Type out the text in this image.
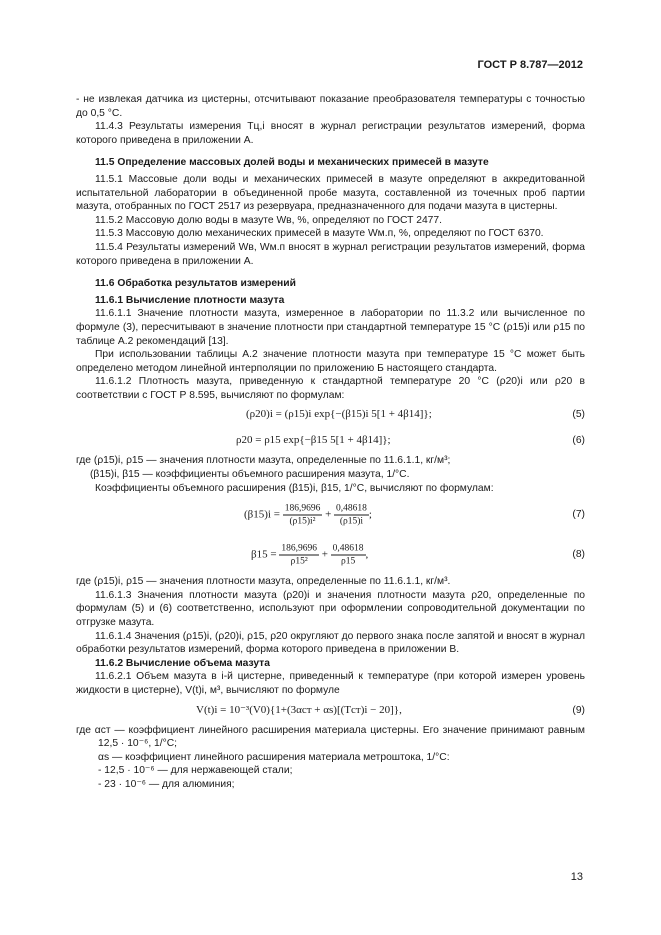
ГОСТ Р 8.787—2012

- не извлекая датчика из цистерны, отсчитывают показание преобразователя температуры с точностью до 0,5 °С.

11.4.3 Результаты измерения Tц,i вносят в журнал регистрации результатов измерений, форма которого приведена в приложении А.

11.5 Определение массовых долей воды и механических примесей в мазуте

11.5.1 Массовые доли воды и механических примесей в мазуте определяют в аккредитованной испытательной лаборатории в объединенной пробе мазута, составленной из точечных проб партии мазута, отобранных по ГОСТ 2517 из резервуара, предназначенного для подачи мазута в цистерны.

11.5.2 Массовую долю воды в мазуте Wв, %, определяют по ГОСТ 2477.

11.5.3 Массовую долю механических примесей в мазуте Wм.п, %, определяют по ГОСТ 6370.

11.5.4 Результаты измерений Wв, Wм.п вносят в журнал регистрации результатов измерений, форма которого приведена в приложении А.

11.6 Обработка результатов измерений

11.6.1 Вычисление плотности мазута

11.6.1.1 Значение плотности мазута, измеренное в лаборатории по 11.3.2 или вычисленное по формуле (3), пересчитывают в значение плотности при стандартной температуре 15 °С (ρ15)i или ρ15 по таблице А.2 рекомендаций [13].

При использовании таблицы А.2 значение плотности мазута при температуре 15 °С может быть определено методом линейной интерполяции по приложению Б настоящего стандарта.

11.6.1.2 Плотность мазута, приведенную к стандартной температуре 20 °С (ρ20)i или ρ20 в соответствии с ГОСТ Р 8.595, вычисляют по формулам:

(ρ20)i = (ρ15)i exp{−(β15)i 5[1 + 4β14]};	(5)
ρ20 = ρ15 exp{−β15 5[1 + 4β14]};	(6)

где (ρ15)i, ρ15 — значения плотности мазута, определенные по 11.6.1.1, кг/м³;

(β15)i, β15 — коэффициенты объемного расширения мазута, 1/°С.

Коэффициенты объемного расширения (β15)i, β15, 1/°С, вычисляют по формулам:

$(\beta 15)i = \frac{186,9696}{\text{(ρ15)i²}} + \frac{0,48618}{(\rho 15)i}$ ;	(7)
$\beta 15 = \frac{186,9696}{\text{ρ15²}} + \frac{0,48618}{\rho 15}$ ,	(8)

где (ρ15)i, ρ15 — значения плотности мазута, определенные по 11.6.1.1, кг/м³.

11.6.1.3 Значения плотности мазута (ρ20)i и значения плотности мазута ρ20, определенные по формулам (5) и (6) соответственно, используют при оформлении сопроводительной документации по отгрузке мазута.

11.6.1.4 Значения (ρ15)i, (ρ20)i, ρ15, ρ20 округляют до первого знака после запятой и вносят в журнал обработки результатов измерений, форма которого приведена в приложении В.

11.6.2 Вычисление объема мазута

11.6.2.1 Объем мазута в i-й цистерне, приведенный к температуре (при которой измерен уровень жидкости в цистерне), V(t)i, м³, вычисляют по формуле

V(t)i = 10⁻³(V0){1+(3αст + αs)[(Tст)i − 20]},	(9)

где αст — коэффициент линейного расширения материала цистерны. Его значение принимают равным 12,5 · 10⁻⁶, 1/°С;

αs — коэффициент линейного расширения материала метроштока, 1/°С:

- 12,5 · 10⁻⁶ — для нержавеющей стали;

- 23 · 10⁻⁶ — для алюминия;

13
